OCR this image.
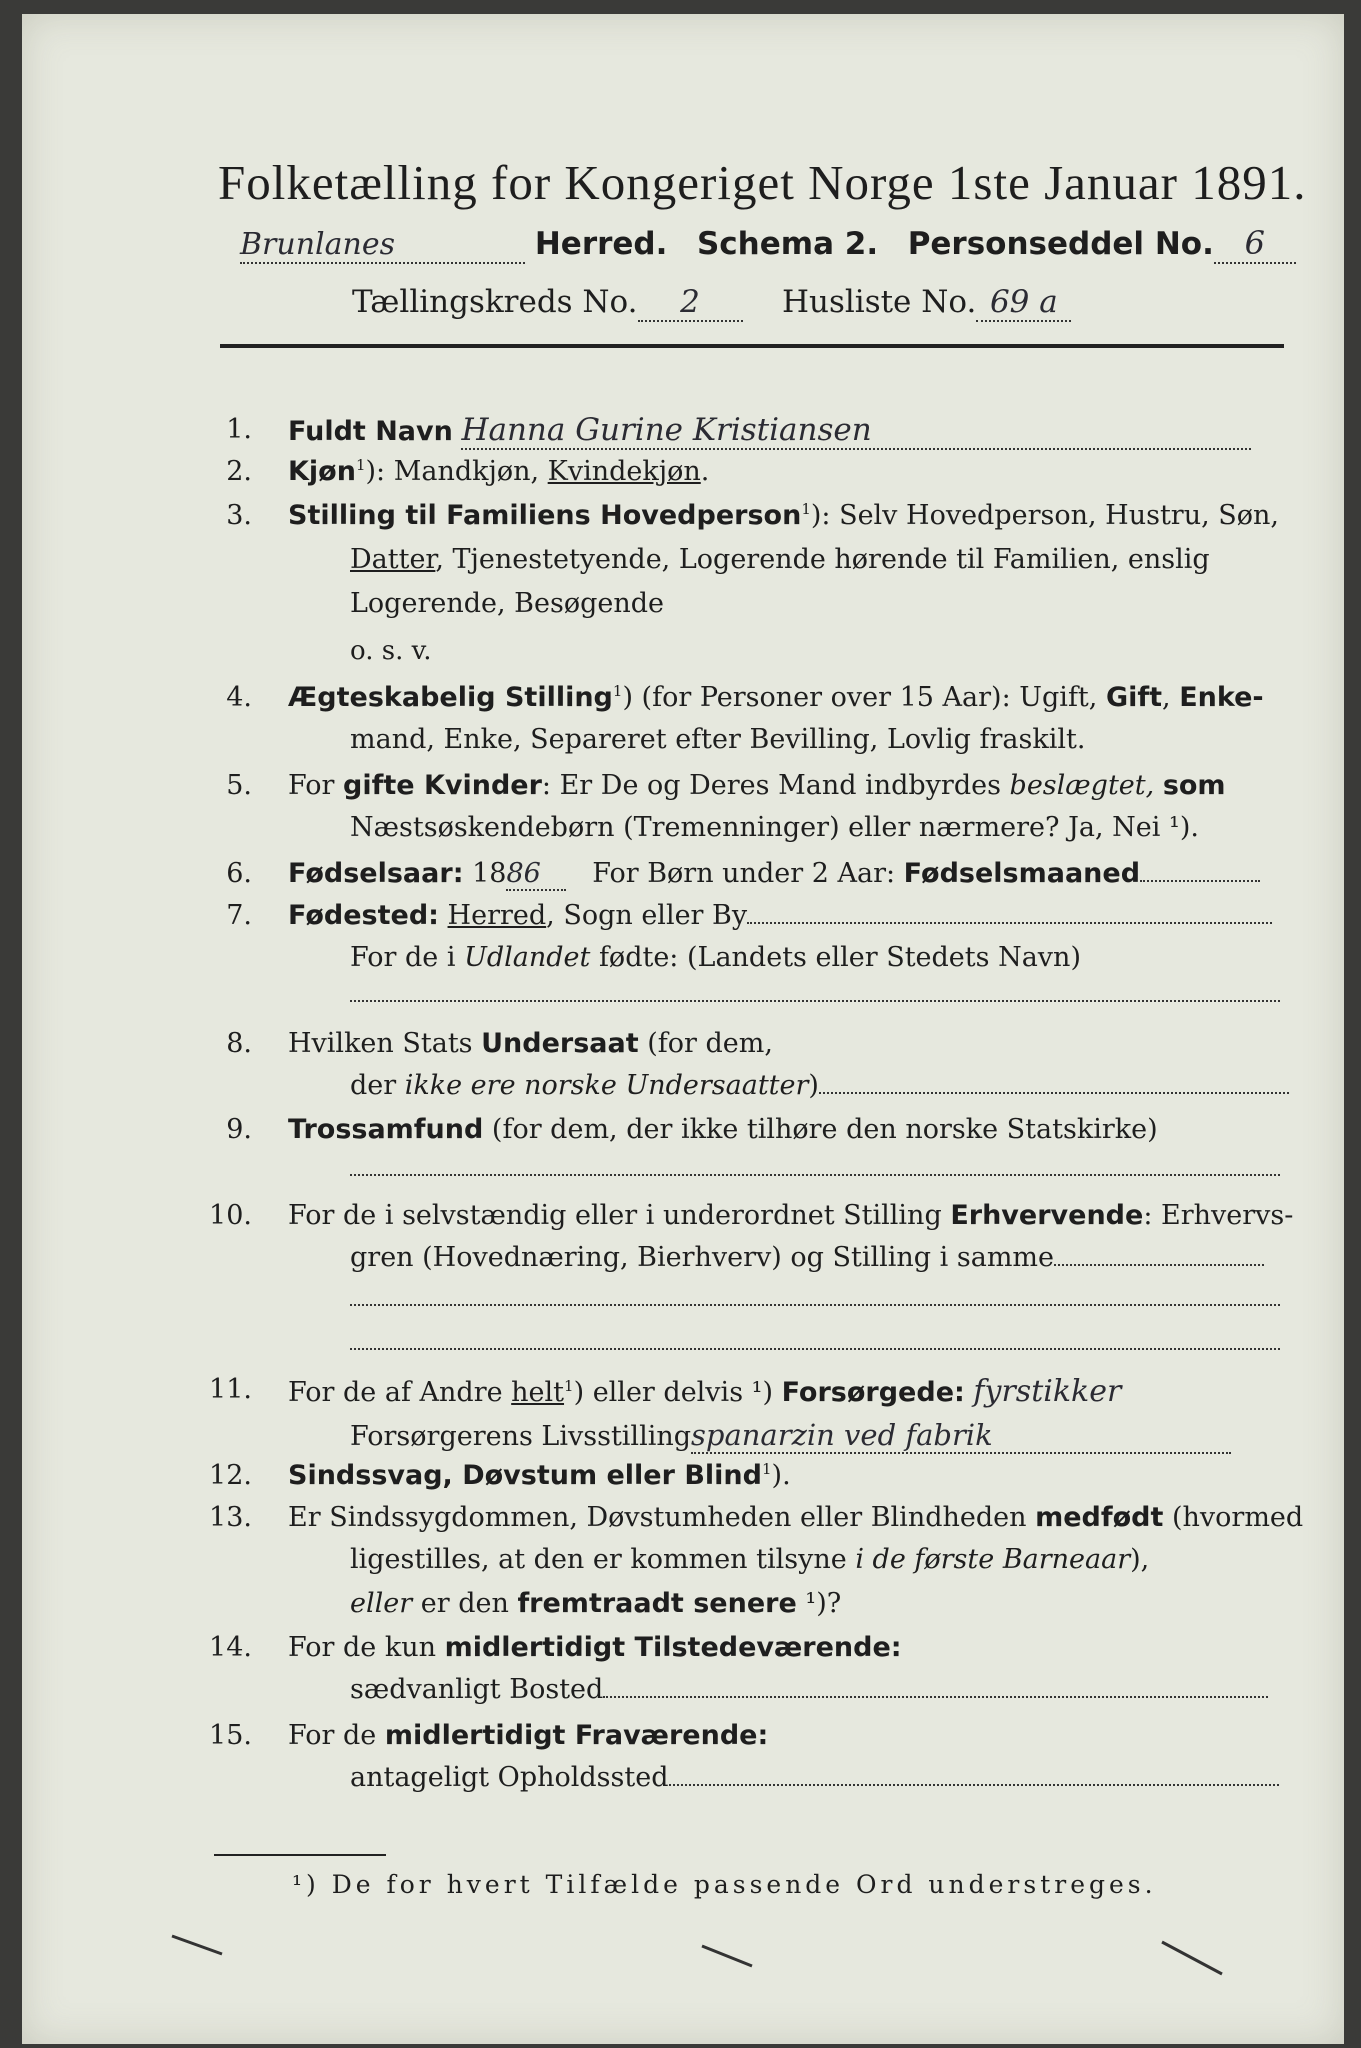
Folketælling for Kongeriget Norge 1ste Januar 1891.
Brunlanes	Herred. Schema 2. Personseddel No. 6
Tællingskreds No. 2	Husliste No. 69 a
1. Fuldt Navn Hanna Gurine Kristiansen
2. Kjøn$^1$): Mandkjøn, Kvindekjøn.
3. Stilling til Familiens Hovedperson$^1$): Selv Hovedperson, Hustru, Søn,
Datter, Tjenestetyende, Logerende hørende til Familien, enslig
Logerende, Besøgende
o. s. v.
4. Ægteskabelig Stilling$^1$) (for Personer over 15 Aar): Ugift, Gift, Enke-
mand, Enke, Separeret efter Bevilling, Lovlig fraskilt.
5. For gifte Kvinder: Er De og Deres Mand indbyrdes beslægtet, som
Næstsøskendebørn (Tremenninger) eller nærmere? Ja, Nei ¹).
6. Fødselsaar: 1886 For Børn under 2 Aar: Fødselsmaaned
7. Fødested: Herred, Sogn eller By
For de i Udlandet fødte: (Landets eller Stedets Navn)
8. Hvilken Stats Undersaat (for dem,
der ikke ere norske Undersaatter)
9. Trossamfund (for dem, der ikke tilhøre den norske Statskirke)
10. For de i selvstændig eller i underordnet Stilling Erhvervende: Erhvervs-
gren (Hovednæring, Bierhverv) og Stilling i samme
11. For de af Andre helt$^1$) eller delvis ¹) Forsørgede: fyrstikker
Forsørgerens Livsstillingspanarzin ved fabrik
12. Sindssvag, Døvstum eller Blind$^1$).
13. Er Sindssygdommen, Døvstumheden eller Blindheden medfødt (hvormed
ligestilles, at den er kommen tilsyne i de første Barneaar),
eller er den fremtraadt senere ¹)?
14. For de kun midlertidigt Tilstedeværende:
sædvanligt Bosted
15. For de midlertidigt Fraværende:
antageligt Opholdssted
¹) De for hvert Tilfælde passende Ord understreges.
